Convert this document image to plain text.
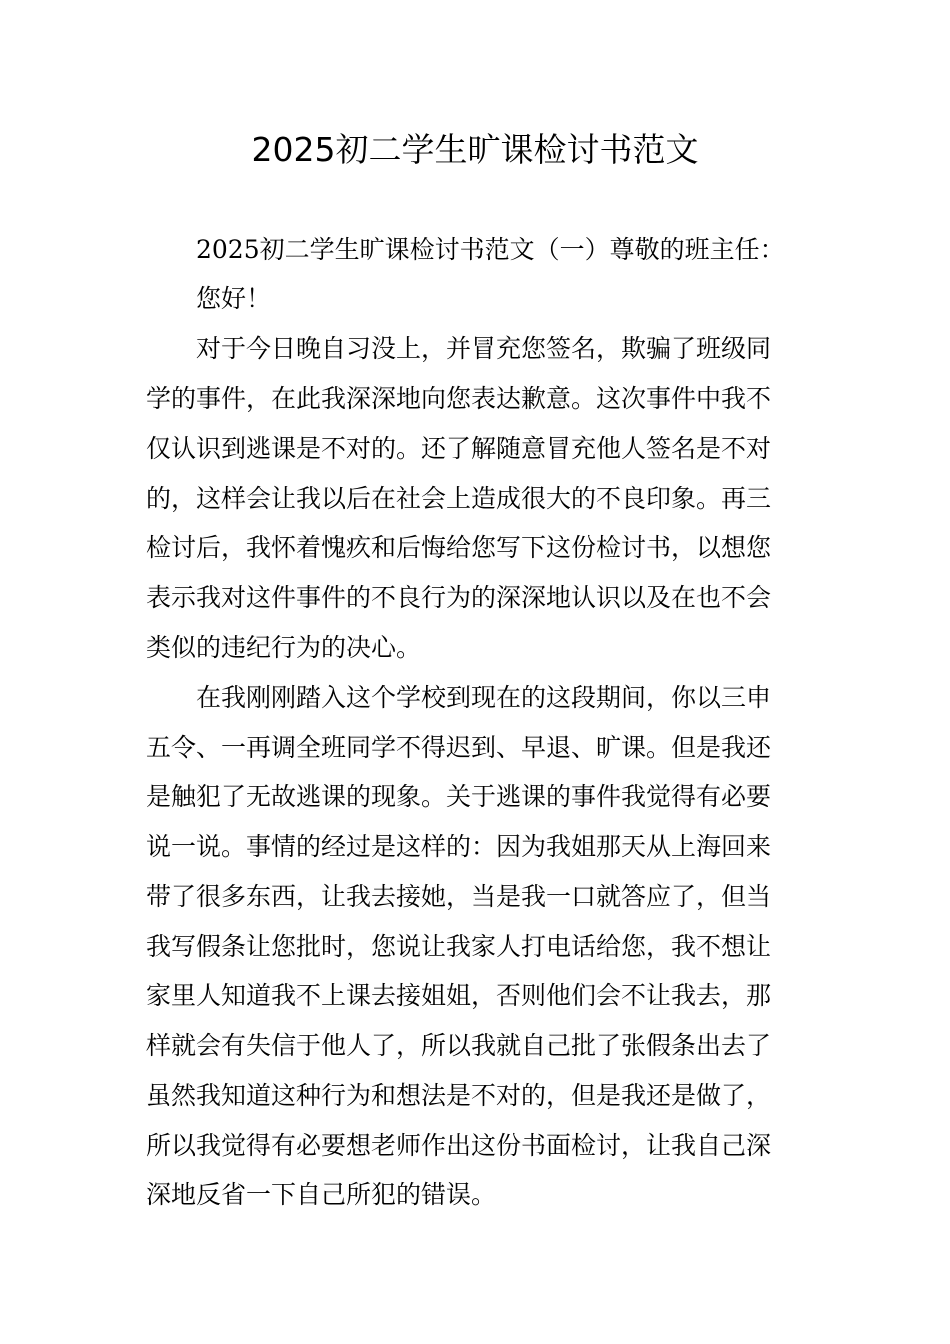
2025初二学生旷课检讨书范文
2025初二学生旷课检讨书范文（一）尊敬的班主任：
您好！
对于今日晚自习没上，并冒充您签名，欺骗了班级同
学的事件，在此我深深地向您表达歉意。这次事件中我不
仅认识到逃课是不对的。还了解随意冒充他人签名是不对
的，这样会让我以后在社会上造成很大的不良印象。再三
检讨后，我怀着愧疚和后悔给您写下这份检讨书，以想您
表示我对这件事件的不良行为的深深地认识以及在也不会
类似的违纪行为的决心。
在我刚刚踏入这个学校到现在的这段期间，你以三申
五令、一再调全班同学不得迟到、早退、旷课。但是我还
是触犯了无故逃课的现象。关于逃课的事件我觉得有必要
说一说。事情的经过是这样的：因为我姐那天从上海回来
带了很多东西，让我去接她，当是我一口就答应了，但当
我写假条让您批时，您说让我家人打电话给您，我不想让
家里人知道我不上课去接姐姐，否则他们会不让我去，那
样就会有失信于他人了，所以我就自己批了张假条出去了
虽然我知道这种行为和想法是不对的，但是我还是做了，
所以我觉得有必要想老师作出这份书面检讨，让我自己深
深地反省一下自己所犯的错误。
